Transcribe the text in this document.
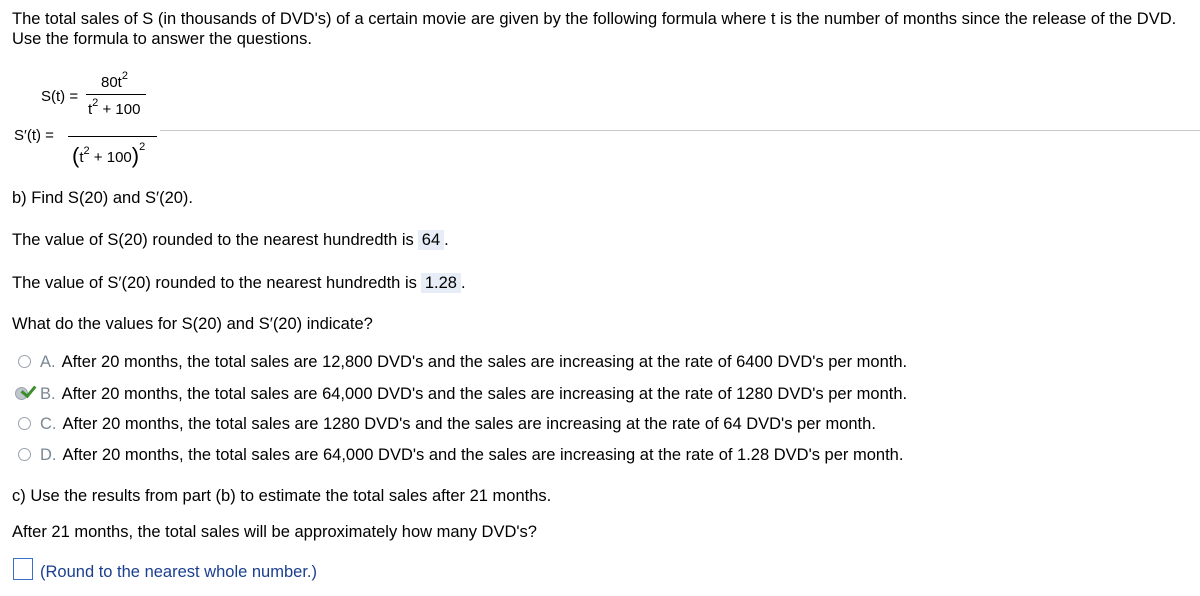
The total sales of S (in thousands of DVD's) of a certain movie are given by the following formula where t is the number of months since the release of the DVD. Use the formula to answer the questions.
S(t) =
$80t^2$
$t^2 + 100$
S′(t) =
$(t^2 + 100)^2$
b) Find S(20) and S′(20).
The value of S(20) rounded to the nearest hundredth is 64 .
The value of S′(20) rounded to the nearest hundredth is 1.28 .
What do the values for S(20) and S′(20) indicate?
A. After 20 months, the total sales are 12,800 DVD's and the sales are increasing at the rate of 6400 DVD's per month.
B. After 20 months, the total sales are 64,000 DVD's and the sales are increasing at the rate of 1280 DVD's per month.
C. After 20 months, the total sales are 1280 DVD's and the sales are increasing at the rate of 64 DVD's per month.
D. After 20 months, the total sales are 64,000 DVD's and the sales are increasing at the rate of 1.28 DVD's per month.
c) Use the results from part (b) to estimate the total sales after 21 months.
After 21 months, the total sales will be approximately how many DVD's?
(Round to the nearest whole number.)
